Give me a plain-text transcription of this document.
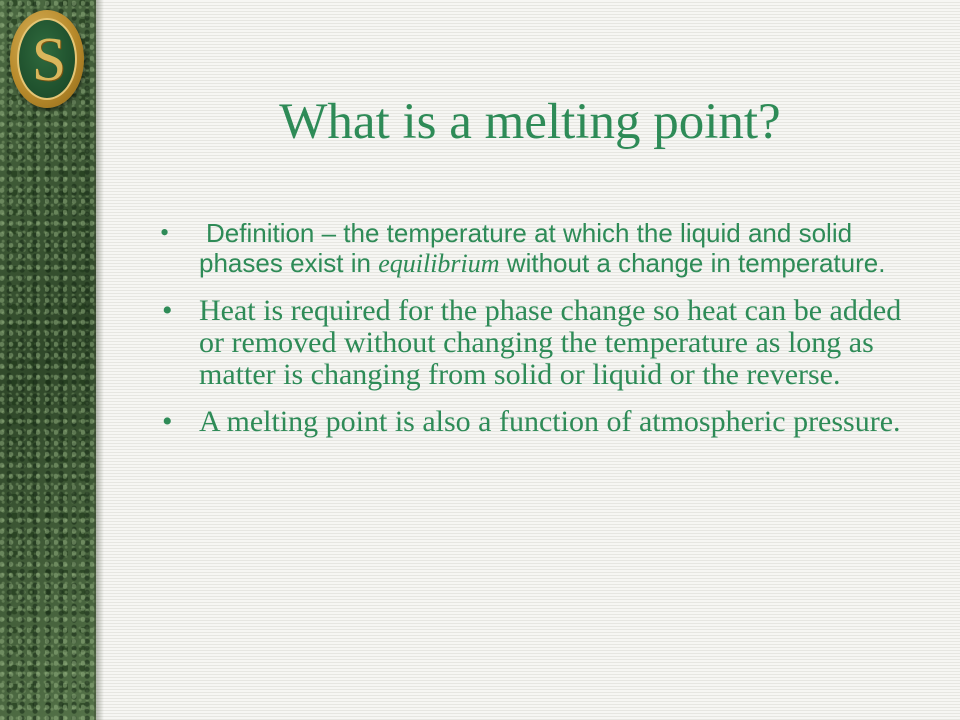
S
What is a melting point?
• Definition – the temperature at which the liquid and solid phases exist in equilibrium without a change in temperature.
• Heat is required for the phase change so heat can be added or removed without changing the temperature as long as matter is changing from solid or liquid or the reverse.
• A melting point is also a function of atmospheric pressure.
